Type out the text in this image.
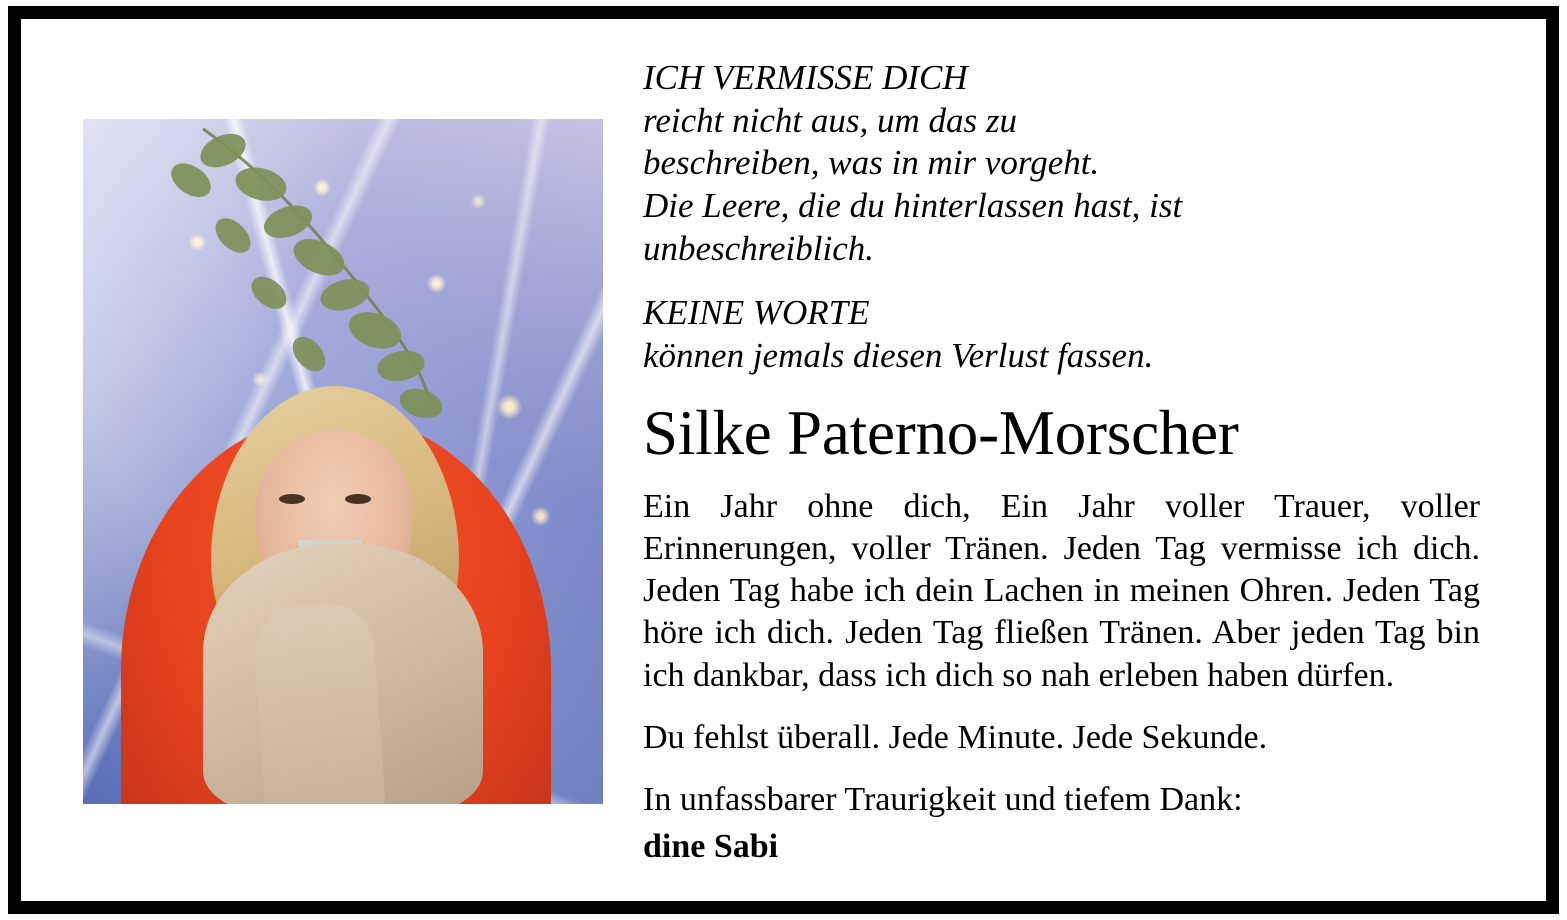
ICH VERMISSE DICH
reicht nicht aus, um das zu
beschreiben, was in mir vorgeht.
Die Leere, die du hinterlassen hast, ist
unbeschreiblich.
KEINE WORTE
können jemals diesen Verlust fassen.
Silke Paterno-Morscher

Ein Jahr ohne dich, Ein Jahr voller Trauer, voller Erinnerungen, voller Tränen. Jeden Tag vermisse ich dich. Jeden Tag habe ich dein Lachen in meinen Ohren. Jeden Tag höre ich dich. Jeden Tag fließen Tränen. Aber jeden Tag bin ich dankbar, dass ich dich so nah erleben haben dürfen.

Du fehlst überall. Jede Minute. Jede Sekunde.

In unfassbarer Traurigkeit und tiefem Dank:

dine Sabi
